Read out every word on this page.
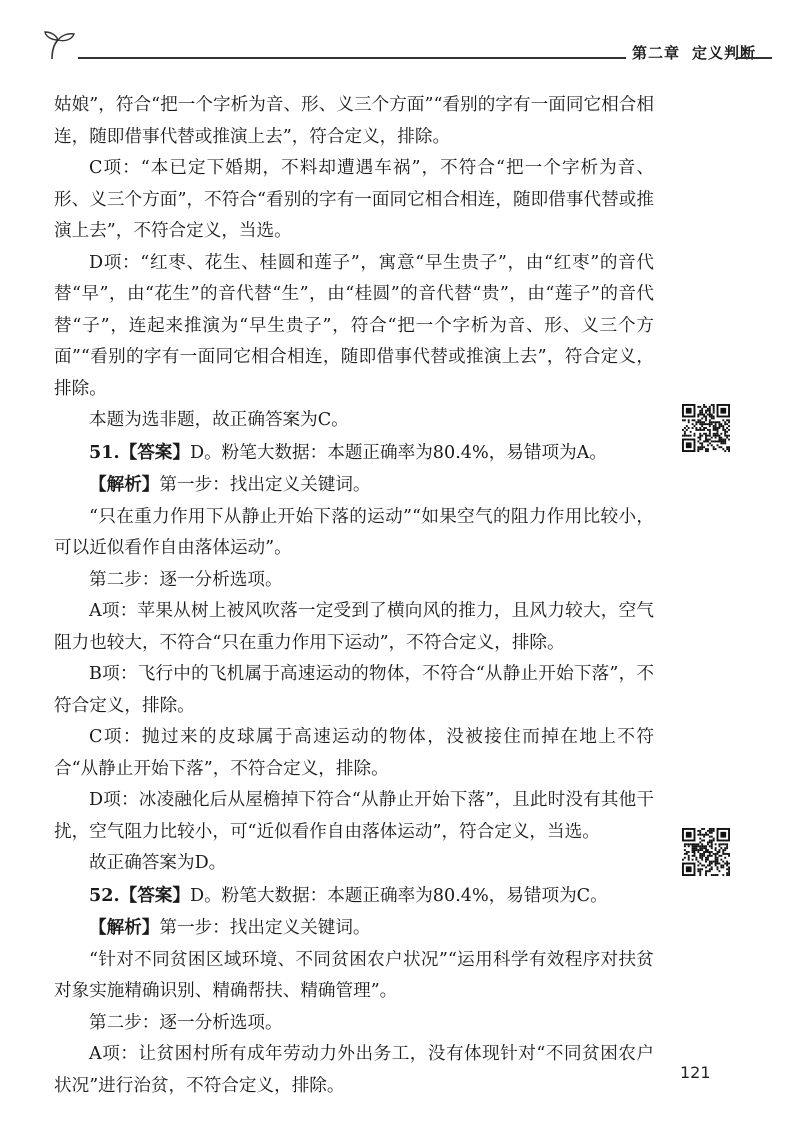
第二章 定义判断

姑娘”，符合“把一个字析为音、形、义三个方面”“看别的字有一面同它相合相连，随即借事代替或推演上去”，符合定义，排除。

C项：“本已定下婚期，不料却遭遇车祸”，不符合“把一个字析为音、形、义三个方面”，不符合“看别的字有一面同它相合相连，随即借事代替或推演上去”，不符合定义，当选。

D项：“红枣、花生、桂圆和莲子”，寓意“早生贵子”，由“红枣”的音代替“早”，由“花生”的音代替“生”，由“桂圆”的音代替“贵”，由“莲子”的音代替“子”，连起来推演为“早生贵子”，符合“把一个字析为音、形、义三个方面”“看别的字有一面同它相合相连，随即借事代替或推演上去”，符合定义，排除。

本题为选非题，故正确答案为C。

51.【答案】D。粉笔大数据：本题正确率为80.4%，易错项为A。

【解析】第一步：找出定义关键词。

“只在重力作用下从静止开始下落的运动”“如果空气的阻力作用比较小，可以近似看作自由落体运动”。

第二步：逐一分析选项。

A项：苹果从树上被风吹落一定受到了横向风的推力，且风力较大，空气阻力也较大，不符合“只在重力作用下运动”，不符合定义，排除。

B项：飞行中的飞机属于高速运动的物体，不符合“从静止开始下落”，不符合定义，排除。

C项：抛过来的皮球属于高速运动的物体，没被接住而掉在地上不符合“从静止开始下落”，不符合定义，排除。

D项：冰凌融化后从屋檐掉下符合“从静止开始下落”，且此时没有其他干扰，空气阻力比较小，可“近似看作自由落体运动”，符合定义，当选。

故正确答案为D。

52.【答案】D。粉笔大数据：本题正确率为80.4%，易错项为C。

【解析】第一步：找出定义关键词。

“针对不同贫困区域环境、不同贫困农户状况”“运用科学有效程序对扶贫对象实施精确识别、精确帮扶、精确管理”。

第二步：逐一分析选项。

A项：让贫困村所有成年劳动力外出务工，没有体现针对“不同贫困农户状况”进行治贫，不符合定义，排除。

121
